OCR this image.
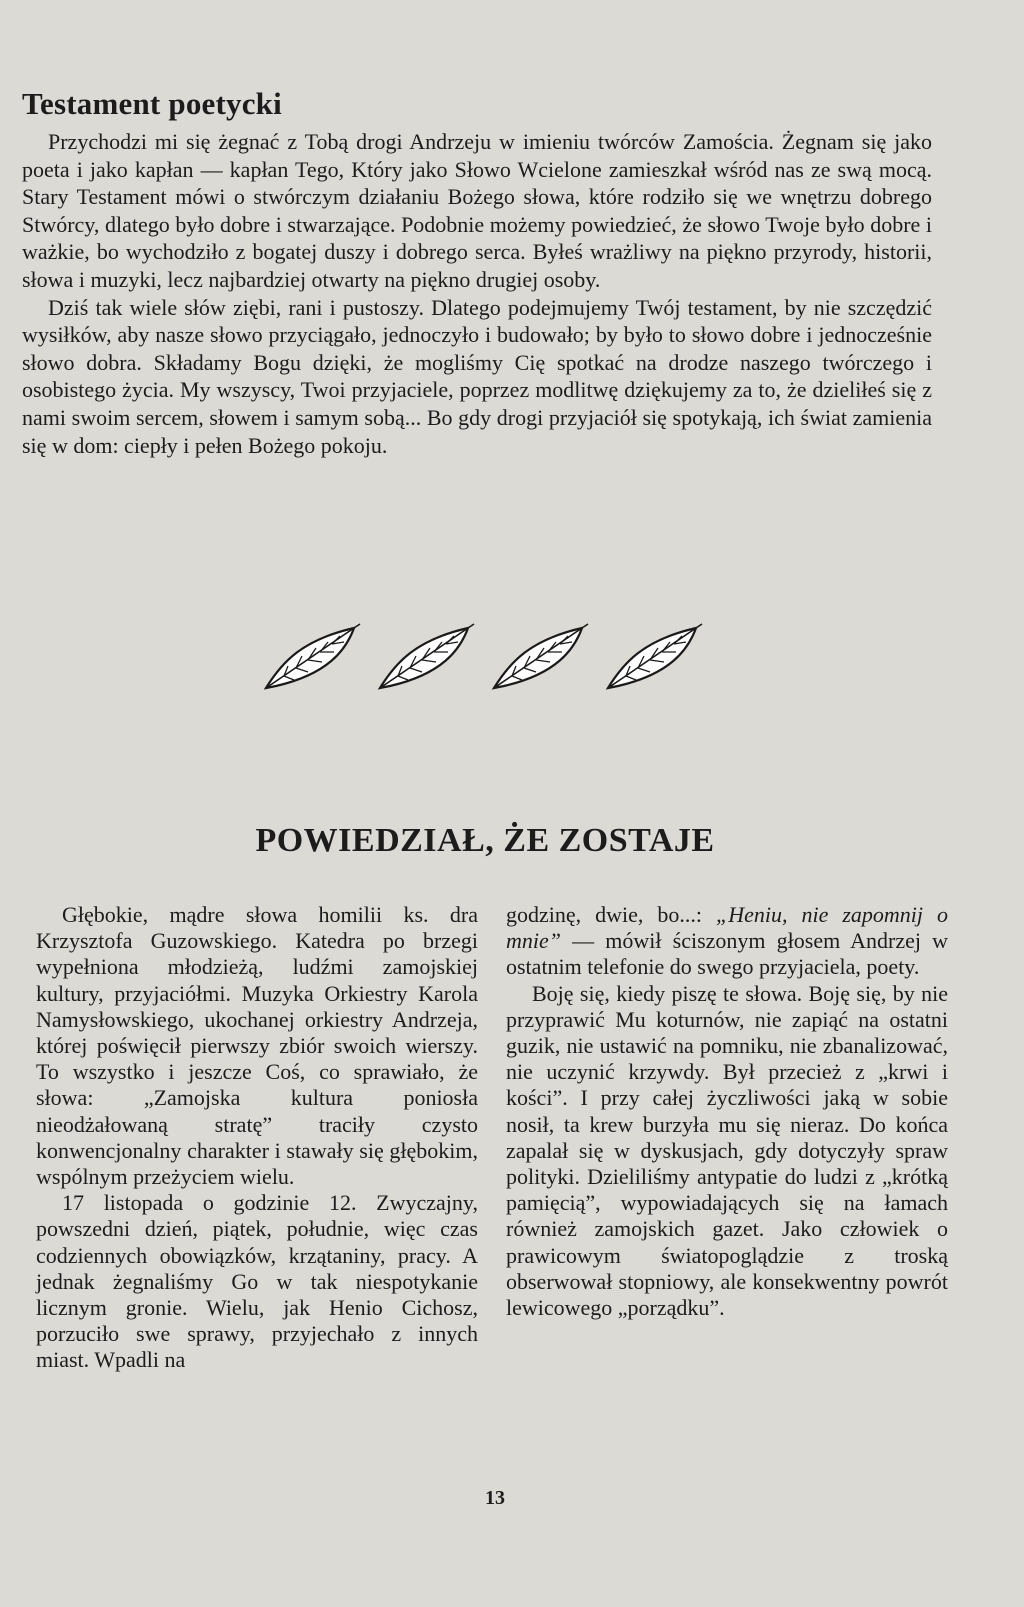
Testament poetycki

Przychodzi mi się żegnać z Tobą drogi Andrzeju w imieniu twórców Zamościa. Żegnam się jako poeta i jako kapłan — kapłan Tego, Który jako Słowo Wcielone zamieszkał wśród nas ze swą mocą. Stary Testament mówi o stwórczym działaniu Bożego słowa, które rodziło się we wnętrzu dobrego Stwórcy, dlatego było dobre i stwarzające. Podobnie możemy powiedzieć, że słowo Twoje było dobre i ważkie, bo wychodziło z bogatej duszy i dobrego serca. Byłeś wrażliwy na piękno przyrody, historii, słowa i muzyki, lecz najbardziej otwarty na piękno drugiej osoby.

Dziś tak wiele słów ziębi, rani i pustoszy. Dlatego podejmujemy Twój testament, by nie szczędzić wysiłków, aby nasze słowo przyciągało, jednoczyło i budowało; by było to słowo dobre i jednocześnie słowo dobra. Składamy Bogu dzięki, że mogliśmy Cię spotkać na drodze naszego twórczego i osobistego życia. My wszyscy, Twoi przyjaciele, poprzez modlitwę dziękujemy za to, że dzieliłeś się z nami swoim sercem, słowem i samym sobą... Bo gdy drogi przyjaciół się spotykają, ich świat zamienia się w dom: ciepły i pełen Bożego pokoju.

POWIEDZIAŁ, ŻE ZOSTAJE

Głębokie, mądre słowa homilii ks. dra Krzysztofa Guzowskiego. Katedra po brzegi wypełniona młodzieżą, ludźmi zamojskiej kultury, przyjaciółmi. Muzyka Orkiestry Karola Namysłowskiego, ukochanej orkiestry Andrzeja, której poświęcił pierwszy zbiór swoich wierszy. To wszystko i jeszcze Coś, co sprawiało, że słowa: „Zamojska kultura poniosła nieodżałowaną stratę” traciły czysto konwencjonalny charakter i stawały się głębokim, wspólnym przeżyciem wielu.

17 listopada o godzinie 12. Zwyczajny, powszedni dzień, piątek, południe, więc czas codziennych obowiązków, krzątaniny, pracy. A jednak żegnaliśmy Go w tak niespotykanie licznym gronie. Wielu, jak Henio Cichosz, porzuciło swe sprawy, przyjechało z innych miast. Wpadli na

godzinę, dwie, bo...: „Heniu, nie zapomnij o mnie” — mówił ściszonym głosem Andrzej w ostatnim telefonie do swego przyjaciela, poety.

Boję się, kiedy piszę te słowa. Boję się, by nie przyprawić Mu koturnów, nie zapiąć na ostatni guzik, nie ustawić na pomniku, nie zbanalizować, nie uczynić krzywdy. Był przecież z „krwi i kości”. I przy całej życzliwości jaką w sobie nosił, ta krew burzyła mu się nieraz. Do końca zapalał się w dyskusjach, gdy dotyczyły spraw polityki. Dzieliliśmy antypatie do ludzi z „krótką pamięcią”, wypowiadających się na łamach również zamojskich gazet. Jako człowiek o prawicowym światopoglądzie z troską obserwował stopniowy, ale konsekwentny powrót lewicowego „porządku”.

13
